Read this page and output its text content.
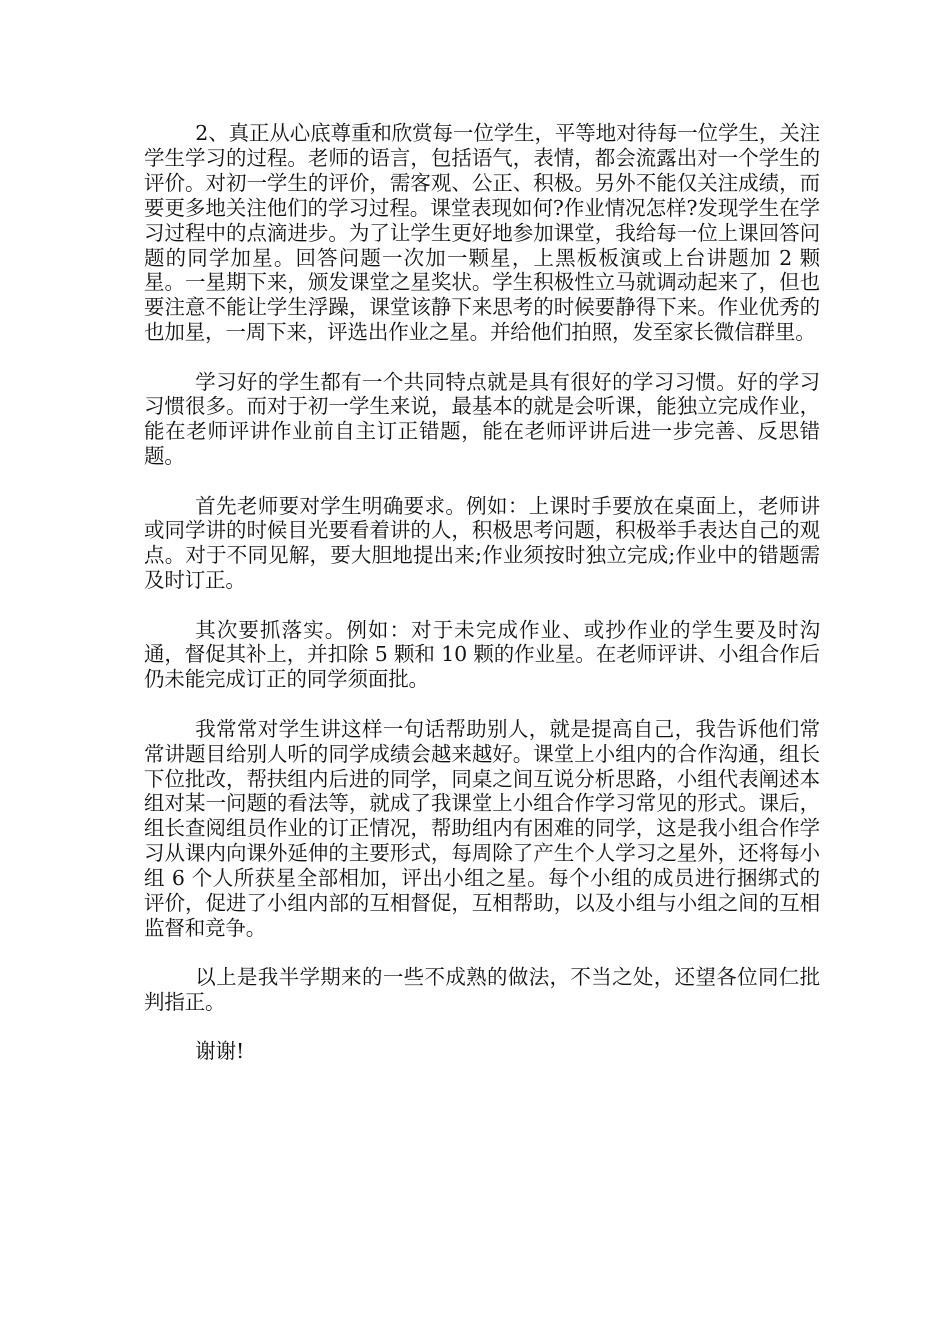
2、真正从心底尊重和欣赏每一位学生，平等地对待每一位学生，关注学生学习的过程。老师的语言，包括语气，表情，都会流露出对一个学生的评价。对初一学生的评价，需客观、公正、积极。另外不能仅关注成绩，而要更多地关注他们的学习过程。课堂表现如何?作业情况怎样?发现学生在学习过程中的点滴进步。为了让学生更好地参加课堂，我给每一位上课回答问题的同学加星。回答问题一次加一颗星，上黑板板演或上台讲题加 2 颗星。一星期下来，颁发课堂之星奖状。学生积极性立马就调动起来了，但也要注意不能让学生浮躁，课堂该静下来思考的时候要静得下来。作业优秀的也加星，一周下来，评选出作业之星。并给他们拍照，发至家长微信群里。

学习好的学生都有一个共同特点就是具有很好的学习习惯。好的学习习惯很多。而对于初一学生来说，最基本的就是会听课，能独立完成作业，能在老师评讲作业前自主订正错题，能在老师评讲后进一步完善、反思错题。

首先老师要对学生明确要求。例如：上课时手要放在桌面上，老师讲或同学讲的时候目光要看着讲的人，积极思考问题，积极举手表达自己的观点。对于不同见解，要大胆地提出来;作业须按时独立完成;作业中的错题需及时订正。

其次要抓落实。例如：对于未完成作业、或抄作业的学生要及时沟通，督促其补上，并扣除 5 颗和 10 颗的作业星。在老师评讲、小组合作后仍未能完成订正的同学须面批。

我常常对学生讲这样一句话帮助别人，就是提高自己，我告诉他们常常讲题目给别人听的同学成绩会越来越好。课堂上小组内的合作沟通，组长下位批改，帮扶组内后进的同学，同桌之间互说分析思路，小组代表阐述本组对某一问题的看法等，就成了我课堂上小组合作学习常见的形式。课后，组长查阅组员作业的订正情况，帮助组内有困难的同学，这是我小组合作学习从课内向课外延伸的主要形式，每周除了产生个人学习之星外，还将每小组 6 个人所获星全部相加，评出小组之星。每个小组的成员进行捆绑式的评价，促进了小组内部的互相督促，互相帮助，以及小组与小组之间的互相监督和竞争。

以上是我半学期来的一些不成熟的做法，不当之处，还望各位同仁批判指正。

谢谢!
